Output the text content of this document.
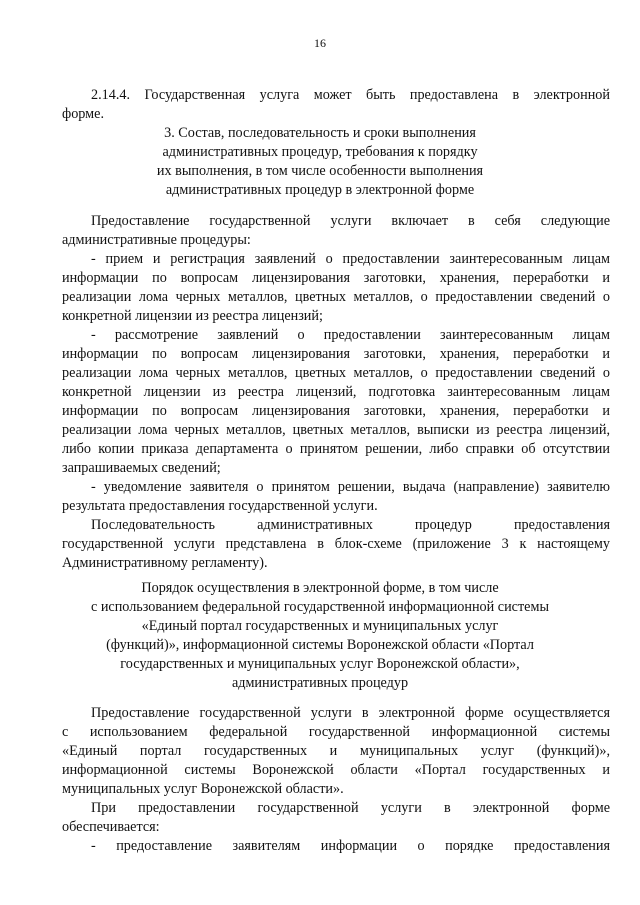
16
2.14.4. Государственная услуга может быть предоставлена в электронной
форме.
3. Состав, последовательность и сроки выполнения
административных процедур, требования к порядку
их выполнения, в том числе особенности выполнения
административных процедур в электронной форме
Предоставление государственной услуги включает в себя следующие
административные процедуры:
- прием и регистрация заявлений о предоставлении заинтересованным лицам
информации по вопросам лицензирования заготовки, хранения, переработки и
реализации лома черных металлов, цветных металлов, о предоставлении сведений о
конкретной лицензии из реестра лицензий;
- рассмотрение заявлений о предоставлении заинтересованным лицам
информации по вопросам лицензирования заготовки, хранения, переработки и
реализации лома черных металлов, цветных металлов, о предоставлении сведений о
конкретной лицензии из реестра лицензий, подготовка заинтересованным лицам
информации по вопросам лицензирования заготовки, хранения, переработки и
реализации лома черных металлов, цветных металлов, выписки из реестра лицензий,
либо копии приказа департамента о принятом решении, либо справки об отсутствии
запрашиваемых сведений;
- уведомление заявителя о принятом решении, выдача (направление) заявителю
результата предоставления государственной услуги.
Последовательность административных процедур предоставления
государственной услуги представлена в блок-схеме (приложение 3 к настоящему
Административному регламенту).
Порядок осуществления в электронной форме, в том числе
с использованием федеральной государственной информационной системы
«Единый портал государственных и муниципальных услуг
(функций)», информационной системы Воронежской области «Портал
государственных и муниципальных услуг Воронежской области»,
административных процедур
Предоставление государственной услуги в электронной форме осуществляется
с использованием федеральной государственной информационной системы
«Единый портал государственных и муниципальных услуг (функций)»,
информационной системы Воронежской области «Портал государственных и
муниципальных услуг Воронежской области».
При предоставлении государственной услуги в электронной форме
обеспечивается:
- предоставление заявителям информации о порядке предоставления
